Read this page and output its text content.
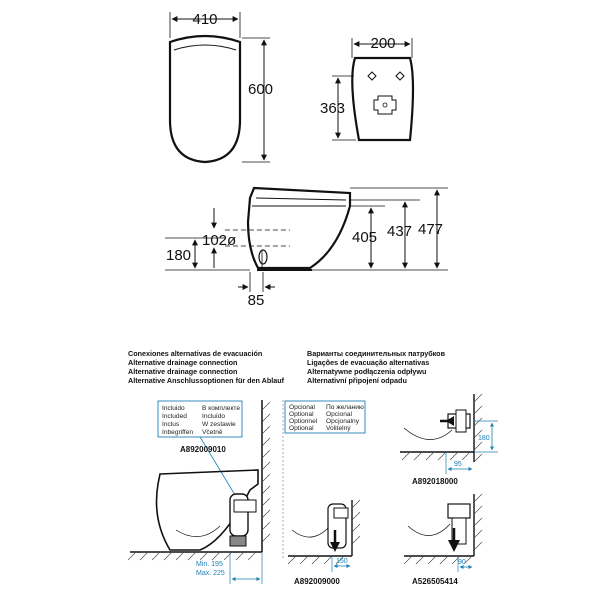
410
600
200
363
102ø
180
85
405 437 477
Conexiones alternativas de evacuación
Alternative drainage connection
Alternative drainage connection
Alternative Anschlussoptionen für den Ablauf
Варианты соединительных патрубков
Ligações de evacuação alternativas
Alternatywne podłączenia odpływu
Alternativní připojení odpadu
Incluido
Included
Inclus
Inbegriffen
В комплекте
Incluído
W zestawie
Včetně
A892009010
Min. 195
Max. 225
Opcional
Optional
Optionnel
Optional
По желанию
Opcional
Opcjonalny
Volitelný
180
95
A892018000
150
A892009000
90
A526505414
